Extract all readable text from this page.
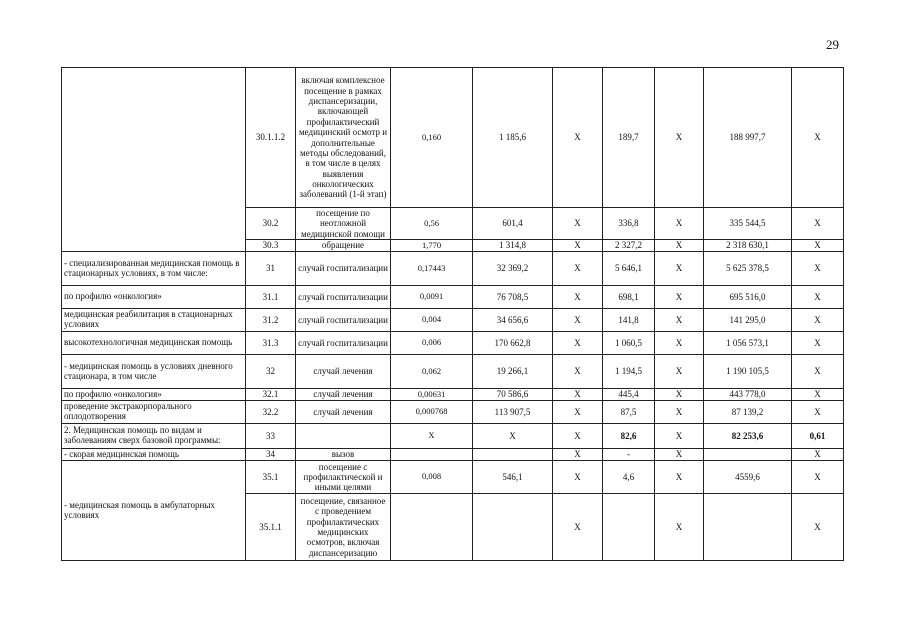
29
	30.1.1.2	включая комплексное посещение в рамках диспансеризации, включающей профилактический медицинский осмотр и дополнительные методы обследований, в том числе в целях выявления онкологических заболеваний (1-й этап)	0,160	1 185,6	X	189,7	X	188 997,7	X
	30.2	посещение по неотложной медицинской помощи	0,56	601,4	X	336,8	X	335 544,5	X
	30.3	обращение	1,770	1 314,8	X	2 327,2	X	2 318 630,1	X
- специализированная медицинская помощь в стационарных условиях, в том числе:	31	случай госпитализации	0,17443	32 369,2	X	5 646,1	X	5 625 378,5	X
по профилю «онкология»	31.1	случай госпитализации	0,0091	76 708,5	X	698,1	X	695 516,0	X
медицинская реабилитация в стационарных условиях	31.2	случай госпитализации	0,004	34 656,6	X	141,8	X	141 295,0	X
высокотехнологичная медицинская помощь	31.3	случай госпитализации	0,006	170 662,8	X	1 060,5	X	1 056 573,1	X
- медицинская помощь в условиях дневного стационара, в том числе	32	случай лечения	0,062	19 266,1	X	1 194,5	X	1 190 105,5	X
по профилю «онкология»	32.1	случай лечения	0,00631	70 586,6	X	445,4	X	443 778,0	X
проведение экстракорпорального оплодотворения	32.2	случай лечения	0,000768	113 907,5	X	87,5	X	87 139,2	X
2. Медицинская помощь по видам и заболеваниям сверх базовой программы:	33		X	X	X	82,6	X	82 253,6	0,61
- скорая медицинская помощь	34	вызов			X	-	X		X
- медицинская помощь в амбулаторных условиях	35.1	посещение с профилактической и иными целями	0,008	546,1	X	4,6	X	4559,6	X
	35.1.1	посещение, связанное с проведением профилактических медицинских осмотров, включая диспансеризацию			X		X		X
